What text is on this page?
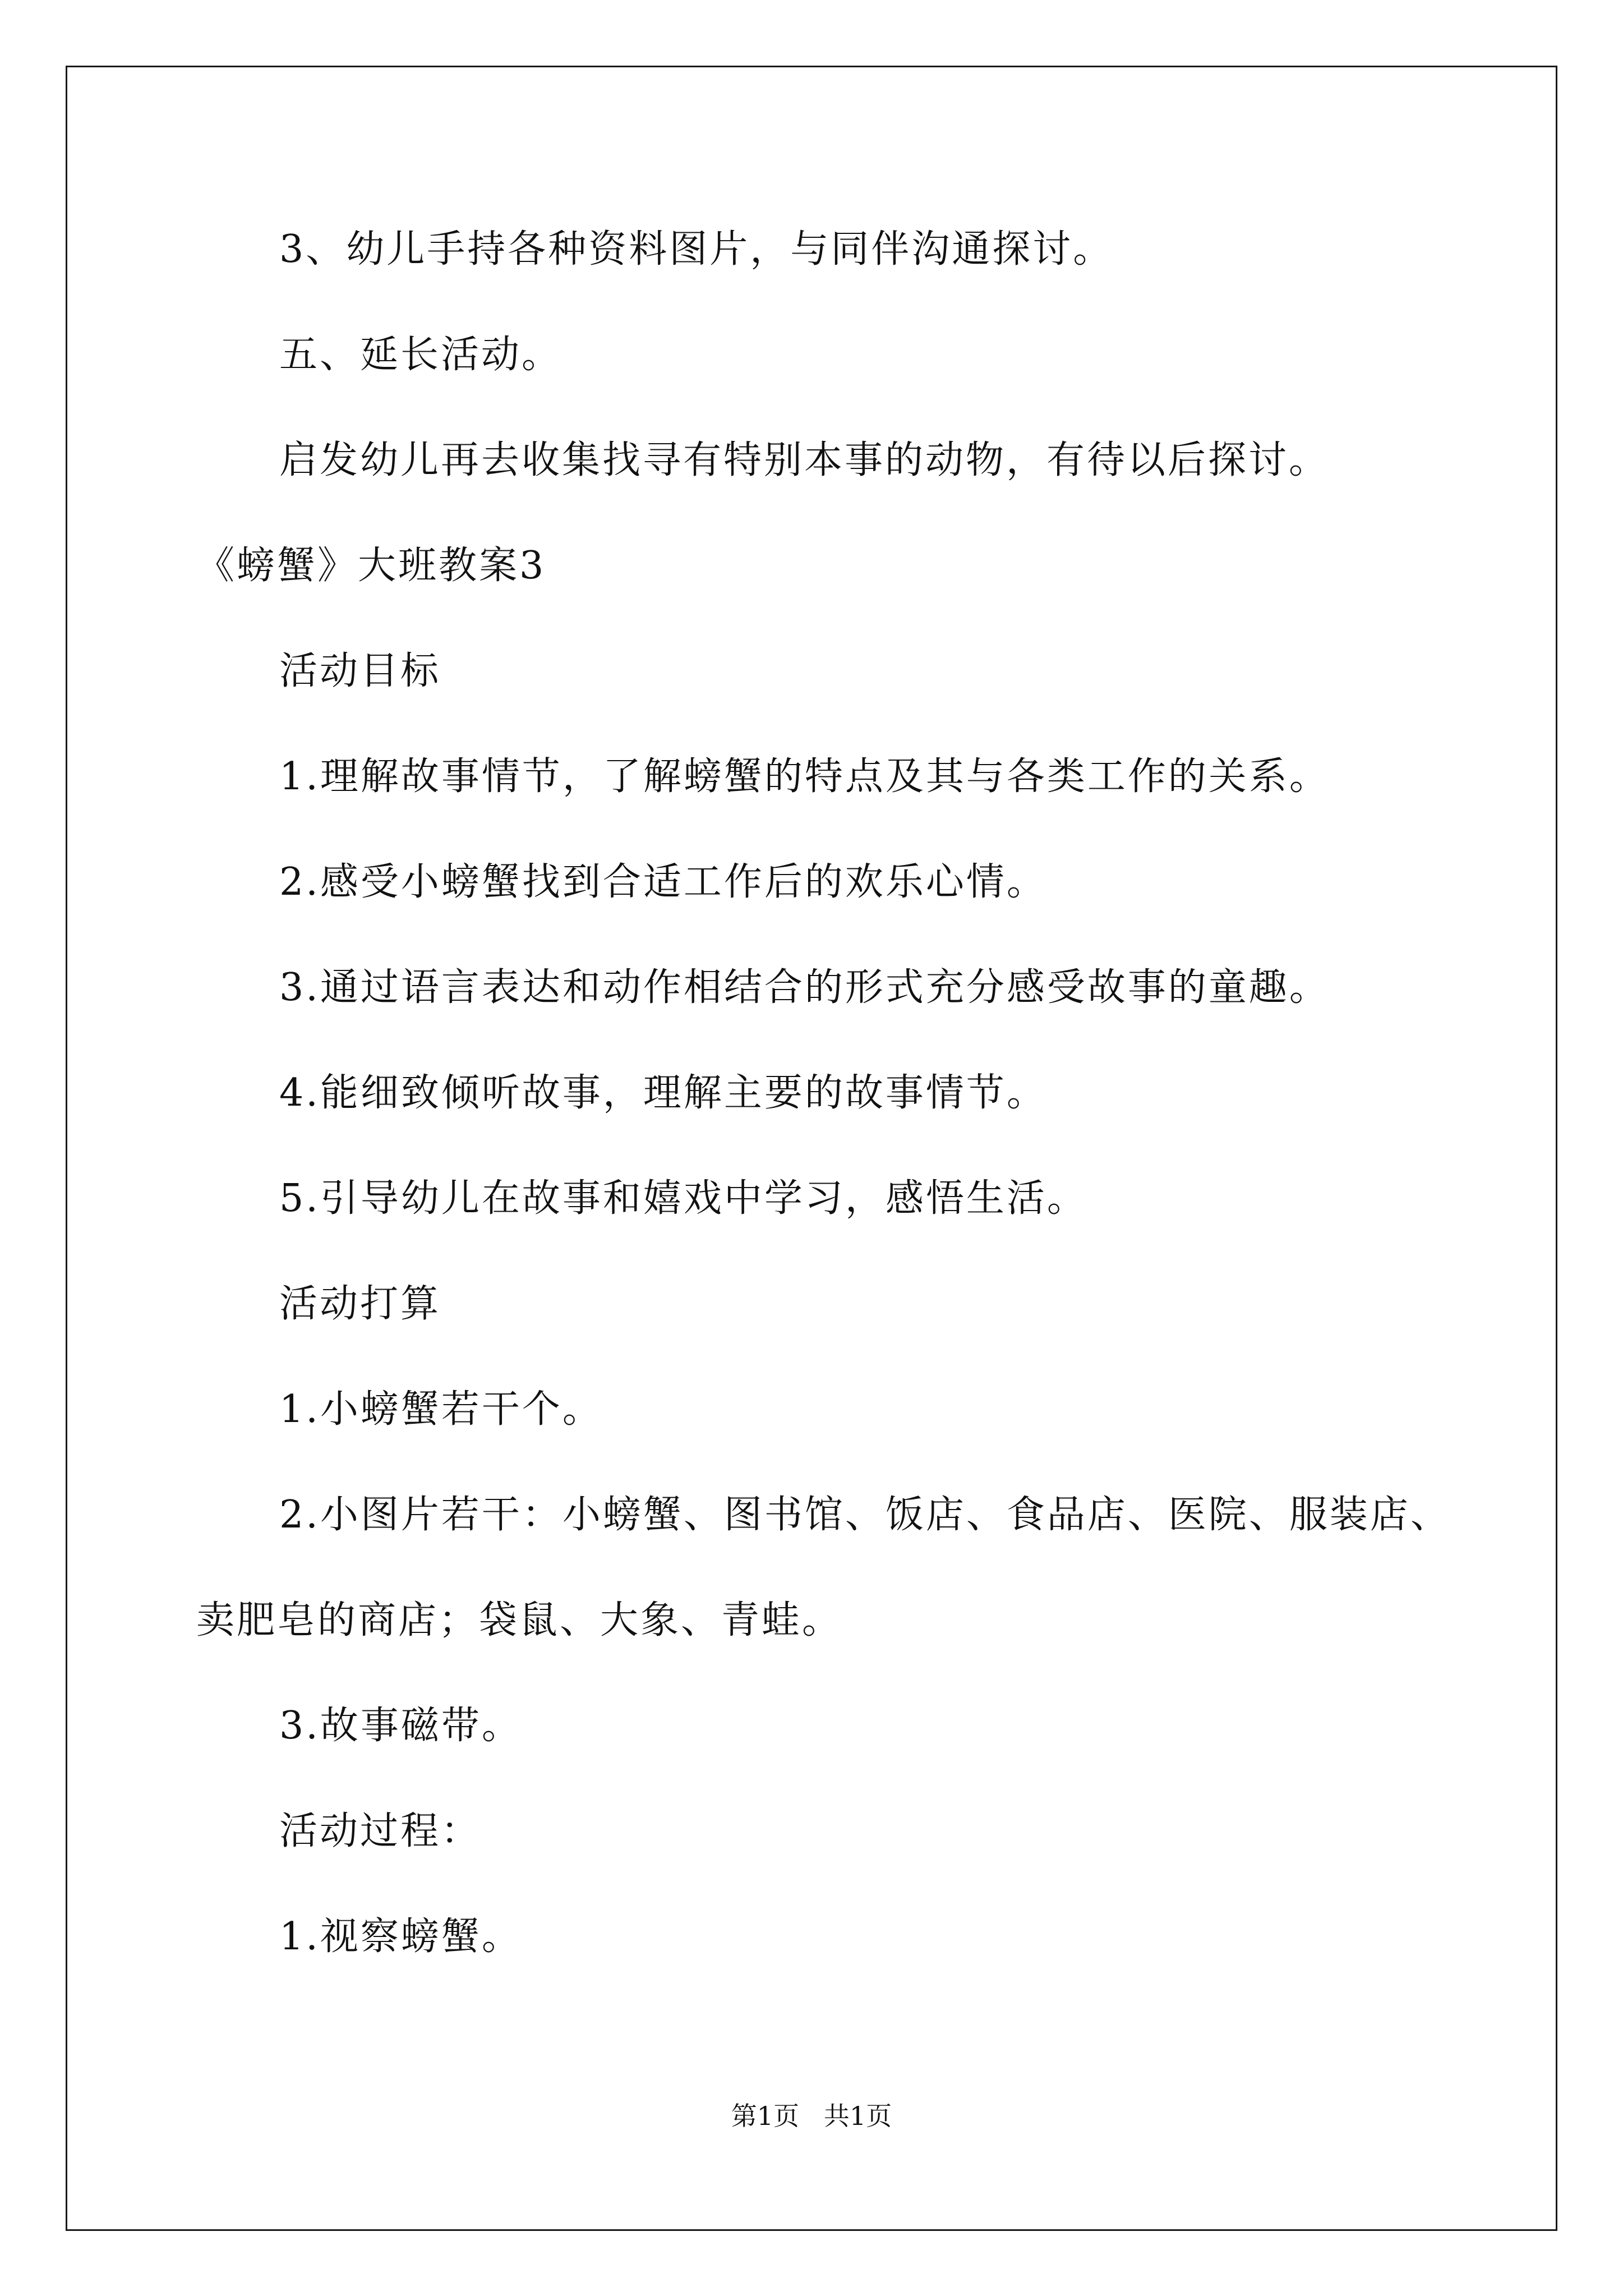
3、幼儿手持各种资料图片，与同伴沟通探讨。
五、延长活动。
启发幼儿再去收集找寻有特别本事的动物，有待以后探讨。
《螃蟹》大班教案3
活动目标
1.理解故事情节，了解螃蟹的特点及其与各类工作的关系。
2.感受小螃蟹找到合适工作后的欢乐心情。
3.通过语言表达和动作相结合的形式充分感受故事的童趣。
4.能细致倾听故事，理解主要的故事情节。
5.引导幼儿在故事和嬉戏中学习，感悟生活。
活动打算
1.小螃蟹若干个。
2.小图片若干：小螃蟹、图书馆、饭店、食品店、医院、服装店、
卖肥皂的商店；袋鼠、大象、青蛙。
3.故事磁带。
活动过程：
1.视察螃蟹。
第1页   共1页
